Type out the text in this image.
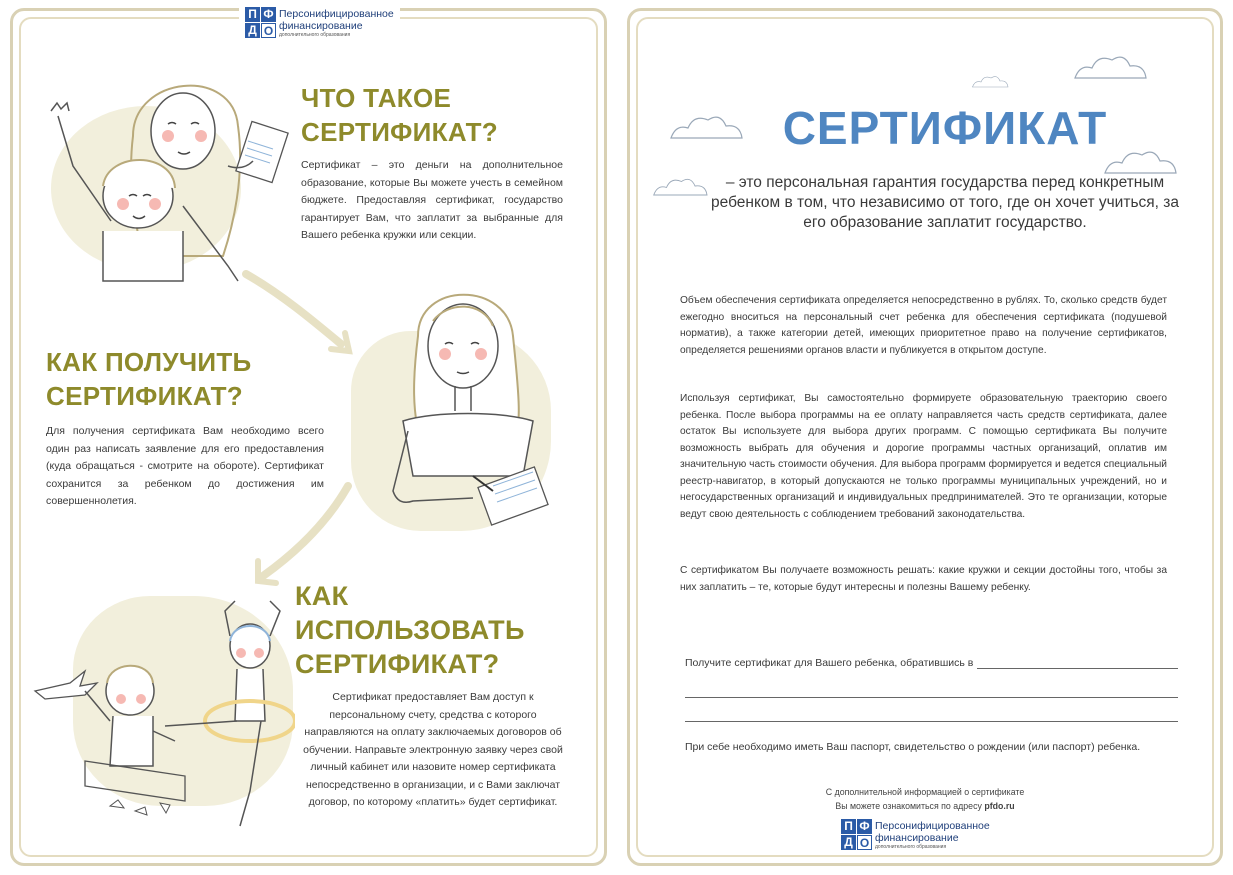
П Ф
Д О
Персонифицированное
финансирование
дополнительного образования
ЧТО ТАКОЕ СЕРТИФИКАТ?
Сертификат – это деньги на дополнительное образование, которые Вы можете учесть в семейном бюджете. Предоставляя сертификат, государство гарантирует Вам, что заплатит за выбранные для Вашего ребенка кружки или секции.
КАК ПОЛУЧИТЬ СЕРТИФИКАТ?
Для получения сертификата Вам необходимо всего один раз написать заявление для его предоставления (куда обращаться - смотрите на обороте). Сертификат сохранится за ребенком до достижения им совершеннолетия.
КАК ИСПОЛЬЗОВАТЬ СЕРТИФИКАТ?
Сертификат предоставляет Вам доступ к персональному счету, средства с которого направляются на оплату заключаемых договоров об обучении. Направьте электронную заявку через свой личный кабинет или назовите номер сертификата непосредственно в организации, и с Вами заключат договор, по которому «платить» будет сертификат.
СЕРТИФИКАТ
– это персональная гарантия государства перед конкретным ребенком в том, что независимо от того, где он хочет учиться, за его образование заплатит государство.
Объем обеспечения сертификата определяется непосредственно в рублях. То, сколько средств будет ежегодно вноситься на персональный счет ребенка для обеспечения сертификата (подушевой норматив), а также категории детей, имеющих приоритетное право на получение сертификатов, определяется решениями органов власти и публикуется в открытом доступе.
Используя сертификат, Вы самостоятельно формируете образовательную траекторию своего ребенка. После выбора программы на ее оплату направляется часть средств сертификата, далее остаток Вы используете для выбора других программ. С помощью сертификата Вы получите возможность выбрать для обучения и дорогие программы частных организаций, оплатив им значительную часть стоимости обучения. Для выбора программ формируется и ведется специальный реестр-навигатор, в который допускаются не только программы муниципальных учреждений, но и негосударственных организаций и индивидуальных предпринимателей. Это те организации, которые ведут свою деятельность с соблюдением требований законодательства.
С сертификатом Вы получаете возможность решать: какие кружки и секции достойны того, чтобы за них заплатить – те, которые будут интересны и полезны Вашему ребенку.
Получите сертификат для Вашего ребенка, обратившись в
При себе необходимо иметь Ваш паспорт, свидетельство о рождении (или паспорт) ребенка.
С дополнительной информацией о сертификате
Вы можете ознакомиться по адресу pfdo.ru
П Ф
Д О
Персонифицированное
финансирование
дополнительного образования
